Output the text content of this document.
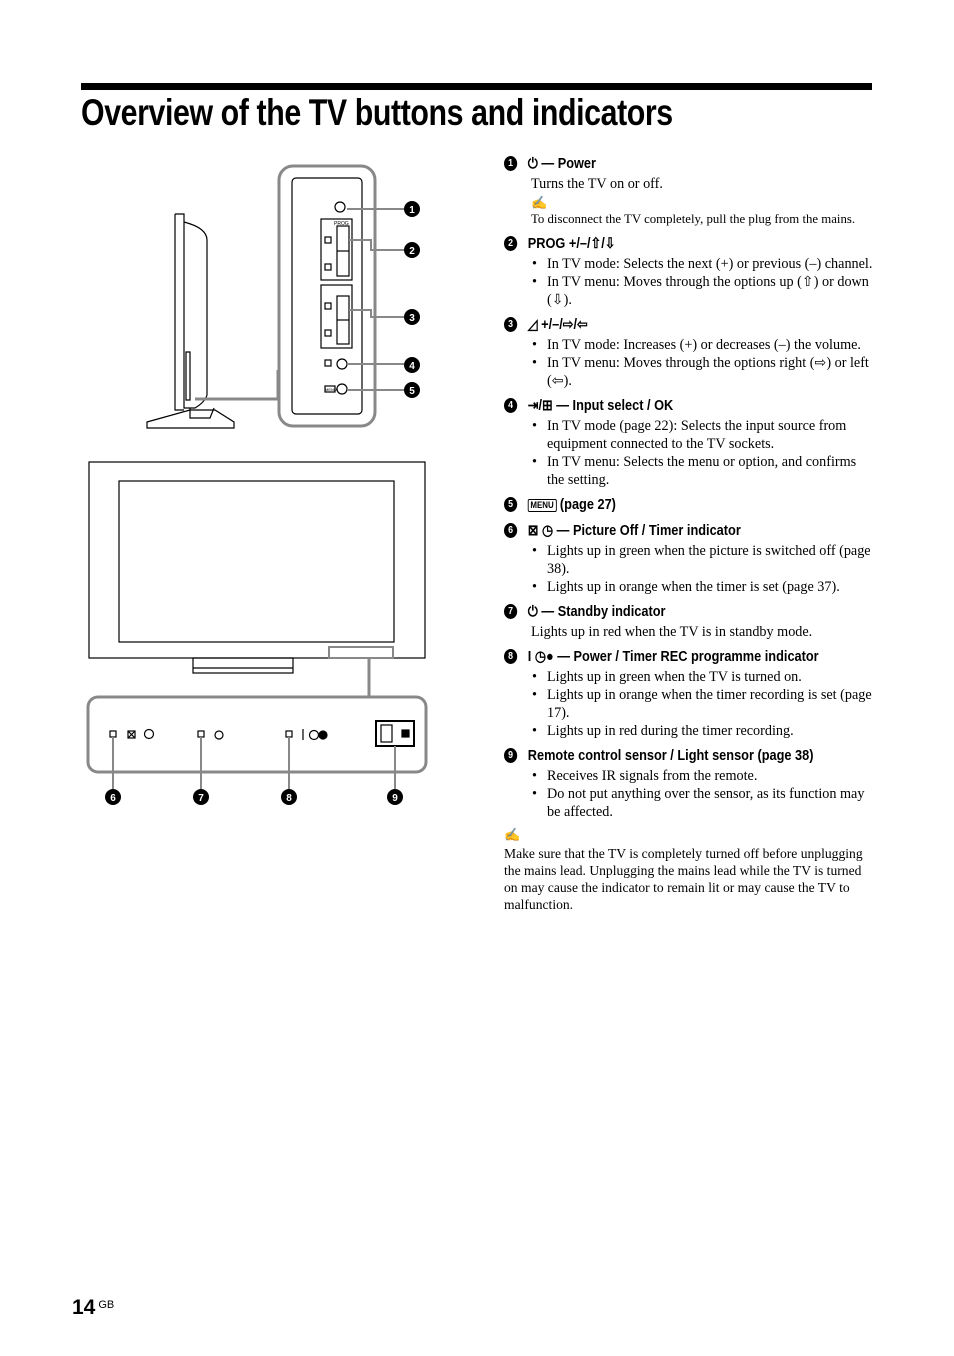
Overview of the TV buttons and indicators
PROG
MENU
1
2
3
4
5
6	7	8	9
1 ⏻ — Power
Turns the TV on or off.
✍
To disconnect the TV completely, pull the plug from the mains.
2 PROG +/–/⇧/⇩
• In TV mode: Selects the next (+) or previous (–) channel.
• In TV menu: Moves through the options up (⇧) or down (⇩).
3 ◿ +/–/⇨/⇦
• In TV mode: Increases (+) or decreases (–) the volume.
• In TV menu: Moves through the options right (⇨) or left (⇦).
4 ⇥/⊞ — Input select / OK
• In TV mode (page 22): Selects the input source from equipment connected to the TV sockets.
• In TV menu: Selects the menu or option, and confirms the setting.
5	MENU (page 27)
6 ⊠ ◷ — Picture Off / Timer indicator
• Lights up in green when the picture is switched off (page 38).
• Lights up in orange when the timer is set (page 37).
7 ⏻ — Standby indicator
Lights up in red when the TV is in standby mode.
8 I ◷● — Power / Timer REC programme indicator
• Lights up in green when the TV is turned on.
• Lights up in orange when the timer recording is set (page 17).
• Lights up in red during the timer recording.
9 Remote control sensor / Light sensor (page 38)
• Receives IR signals from the remote.
• Do not put anything over the sensor, as its function may be affected.
✍
Make sure that the TV is completely turned off before unplugging the mains lead. Unplugging the mains lead while the TV is turned on may cause the indicator to remain lit or may cause the TV to malfunction.
14 $^{GB}$
